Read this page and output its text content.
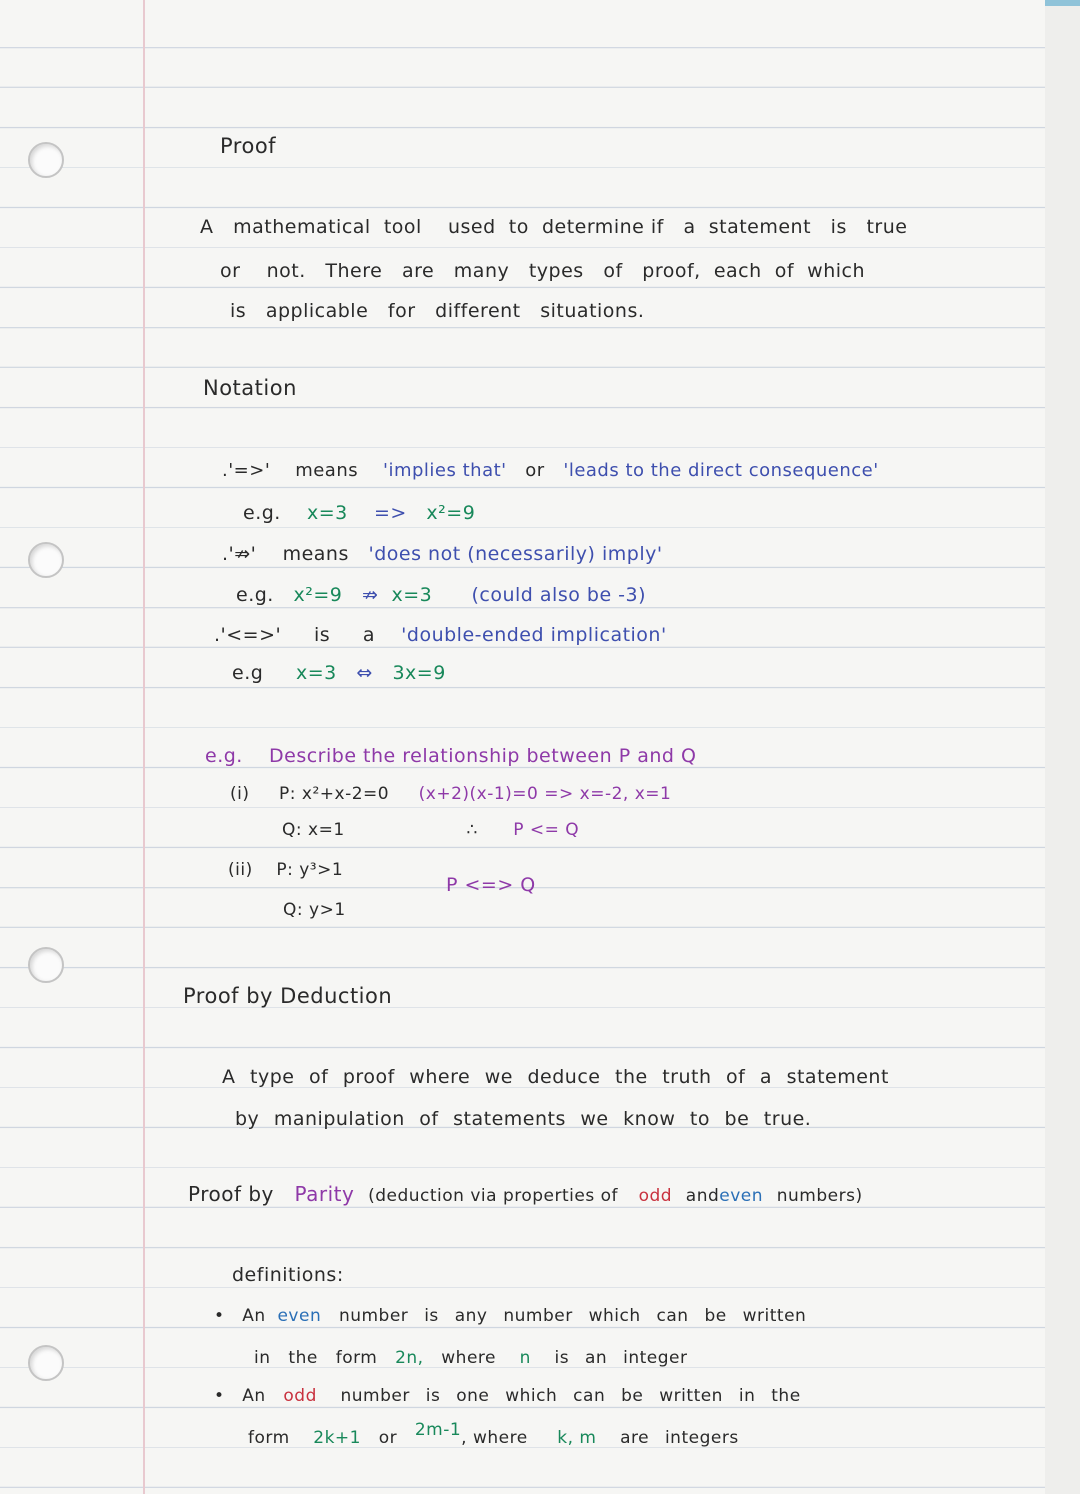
Proof
A mathematical tool used to determine if a statement is true
or not. There are many types of proof, each of which
is applicable for different situations.
Notation
.'=>' means 'implies that' or 'leads to the direct consequence'
e.g. x=3 => x²=9
.'⇏' means 'does not (necessarily) imply'
e.g. x²=9 ⇏ x=3 (could also be -3)
.'<=>' is a 'double-ended implication'
e.g x=3 ⇔ 3x=9
e.g. Describe the relationship between P and Q
(i) P: x²+x-2=0 (x+2)(x-1)=0 => x=-2, x=1
Q: x=1	∴ P <= Q
(ii) P: y³>1
P <=> Q
Q: y>1
Proof by Deduction
A type of proof where we deduce the truth of a statement
by manipulation of statements we know to be true.
Proof by Parity (deduction via properties of odd andeven numbers)
definitions:
• An even number is any number which can be written
in the form 2n, where n is an integer
• An odd number is one which can be written in the
form 2k+1 or 2m-1, where k, m are integers
